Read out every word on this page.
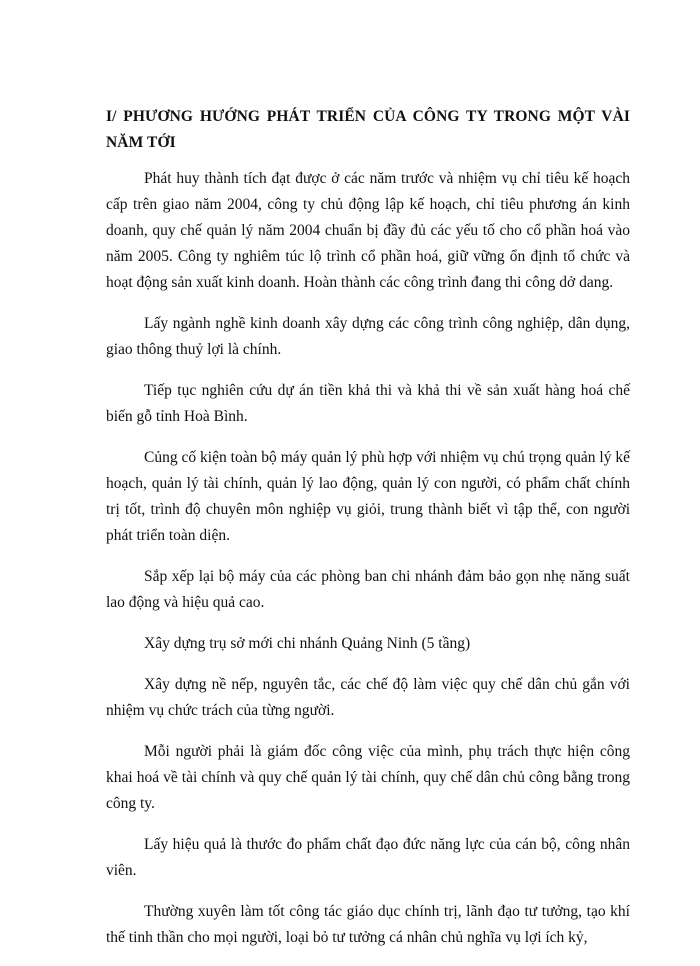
I/ PHƯƠNG HƯỚNG PHÁT TRIỂN CỦA CÔNG TY TRONG MỘT VÀI NĂM TỚI

Phát huy thành tích đạt được ở các năm trước và nhiệm vụ chỉ tiêu kế hoạch cấp trên giao năm 2004, công ty chủ động lập kế hoạch, chỉ tiêu phương án kinh doanh, quy chế quản lý năm 2004 chuẩn bị đầy đủ các yếu tố cho cổ phần hoá vào năm 2005. Công ty nghiêm túc lộ trình cổ phần hoá, giữ vững ổn định tổ chức và hoạt động sản xuất kinh doanh. Hoàn thành các công trình đang thi công dở dang.

Lấy ngành nghề kinh doanh xây dựng các công trình công nghiệp, dân dụng, giao thông thuỷ lợi là chính.

Tiếp tục nghiên cứu dự án tiền khả thi và khả thi về sản xuất hàng hoá chế biến gỗ tỉnh Hoà Bình.

Củng cố kiện toàn bộ máy quản lý phù hợp với nhiệm vụ chú trọng quản lý kế hoạch, quản lý tài chính, quản lý lao động, quản lý con người, có phẩm chất chính trị tốt, trình độ chuyên môn nghiệp vụ giỏi, trung thành biết vì tập thể, con người phát triển toàn diện.

Sắp xếp lại bộ máy của các phòng ban chi nhánh đảm bảo gọn nhẹ năng suất lao động và hiệu quả cao.

Xây dựng trụ sở mới chi nhánh Quảng Ninh (5 tầng)

Xây dựng nề nếp, nguyên tắc, các chế độ làm việc quy chế dân chủ gắn với nhiệm vụ chức trách của từng người.

Mỗi người phải là giám đốc công việc của mình, phụ trách thực hiện công khai hoá về tài chính và quy chế quản lý tài chính, quy chế dân chủ công bằng trong công ty.

Lấy hiệu quả là thước đo phẩm chất đạo đức năng lực của cán bộ, công nhân viên.

Thường xuyên làm tốt công tác giáo dục chính trị, lãnh đạo tư tưởng, tạo khí thế tinh thần cho mọi người, loại bỏ tư tưởng cá nhân chủ nghĩa vụ lợi ích kỷ,
